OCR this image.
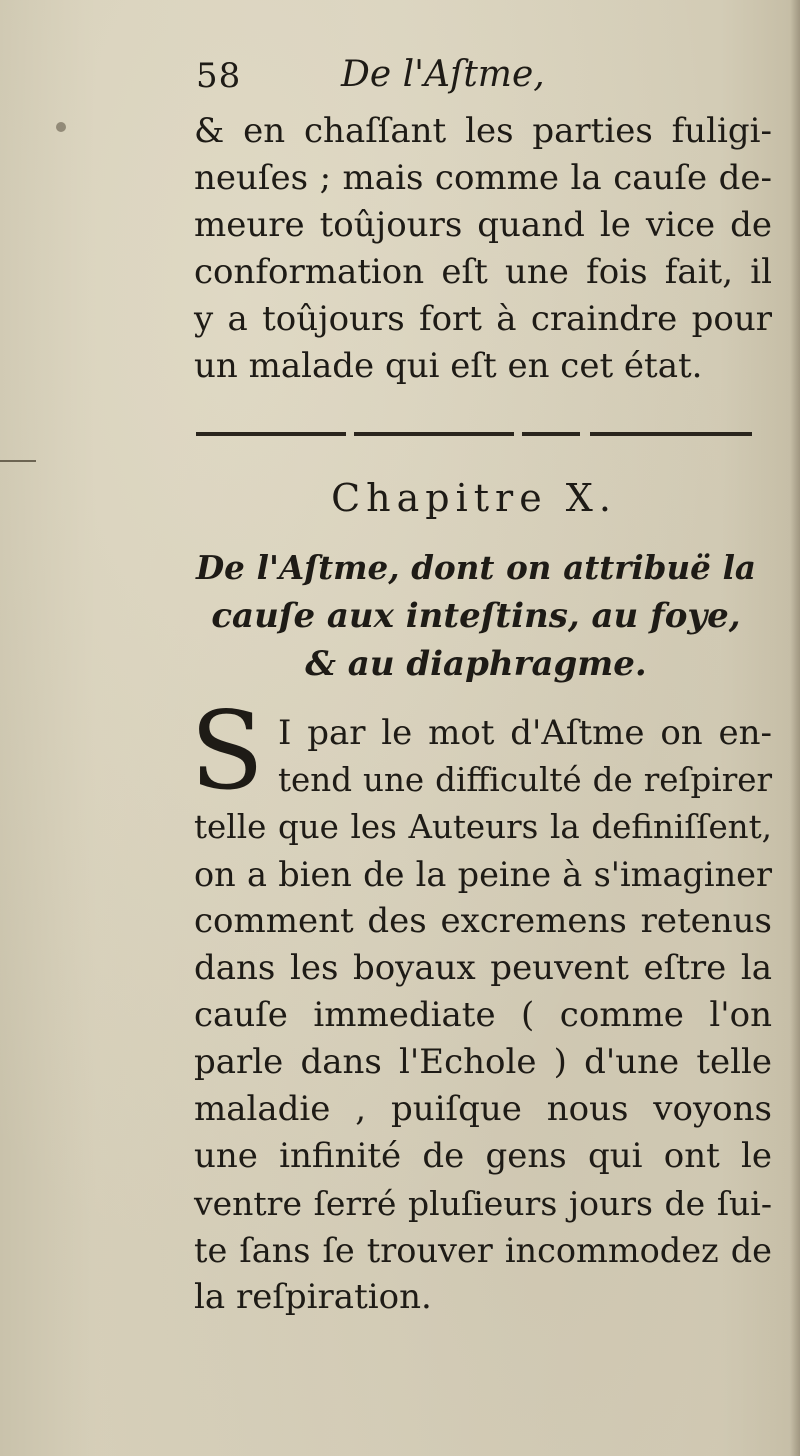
58	De l'Aſtme,
& en chaſſant les parties fuligi-
neuſes ; mais comme la cauſe de-
meure toûjours quand le vice de
conformation eſt une fois fait, il
y a toûjours fort à craindre pour
un malade qui eſt en cet état.
Chapitre X.
De l'Aſtme, dont on attribuë la
cauſe aux inteſtins, au foye,
& au diaphragme.
S I par le mot d'Aſtme on en-
tend une difficulté de reſpirer
telle que les Auteurs la definiſſent,
on a bien de la peine à s'imaginer
comment des excremens retenus
dans les boyaux peuvent eſtre la
cauſe immediate ( comme l'on
parle dans l'Echole ) d'une telle
maladie , puiſque nous voyons
une infinité de gens qui ont le
ventre ſerré pluſieurs jours de ſui-
te ſans ſe trouver incommodez de
la reſpiration.
